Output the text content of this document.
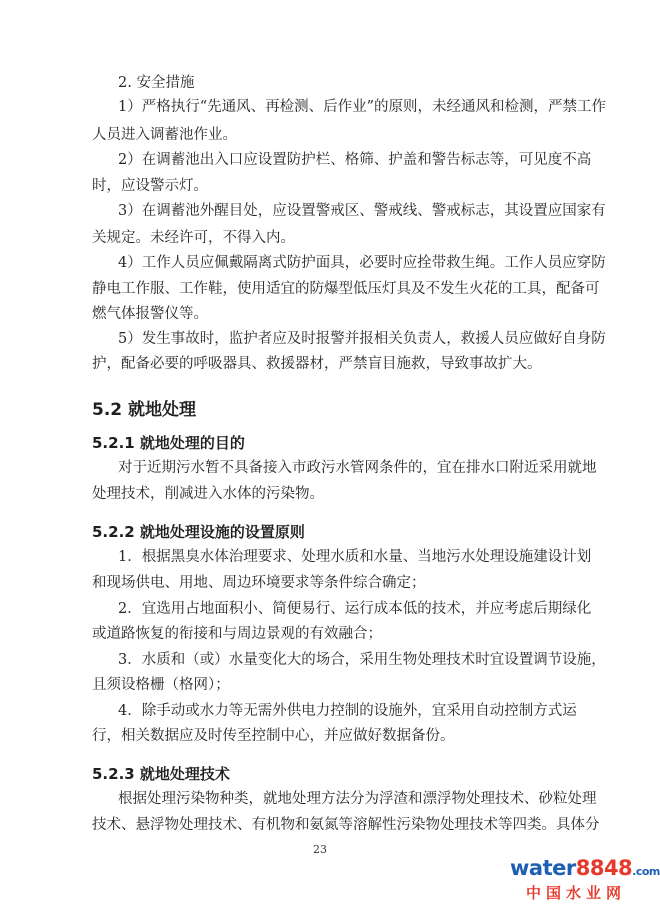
2. 安全措施
1）严格执行“先通风、再检测、后作业”的原则，未经通风和检测，严禁工作
人员进入调蓄池作业。
2）在调蓄池出入口应设置防护栏、格筛、护盖和警告标志等，可见度不高
时，应设警示灯。
3）在调蓄池外醒目处，应设置警戒区、警戒线、警戒标志，其设置应国家有
关规定。未经许可，不得入内。
4）工作人员应佩戴隔离式防护面具，必要时应拴带救生绳。工作人员应穿防
静电工作服、工作鞋，使用适宜的防爆型低压灯具及不发生火花的工具，配备可
燃气体报警仪等。
5）发生事故时，监护者应及时报警并报相关负责人，救援人员应做好自身防
护，配备必要的呼吸器具、救援器材，严禁盲目施救，导致事故扩大。
5.2 就地处理
5.2.1 就地处理的目的
对于近期污水暂不具备接入市政污水管网条件的，宜在排水口附近采用就地
处理技术，削减进入水体的污染物。
5.2.2 就地处理设施的设置原则
1．根据黑臭水体治理要求、处理水质和水量、当地污水处理设施建设计划
和现场供电、用地、周边环境要求等条件综合确定；
2．宜选用占地面积小、简便易行、运行成本低的技术，并应考虑后期绿化
或道路恢复的衔接和与周边景观的有效融合；
3．水质和（或）水量变化大的场合，采用生物处理技术时宜设置调节设施，
且须设格栅（格网）；
4．除手动或水力等无需外供电力控制的设施外，宜采用自动控制方式运
行，相关数据应及时传至控制中心，并应做好数据备份。
5.2.3 就地处理技术
根据处理污染物种类，就地处理方法分为浮渣和漂浮物处理技术、砂粒处理
技术、悬浮物处理技术、有机物和氨氮等溶解性污染物处理技术等四类。具体分
23
water8848.com
中国水业网
